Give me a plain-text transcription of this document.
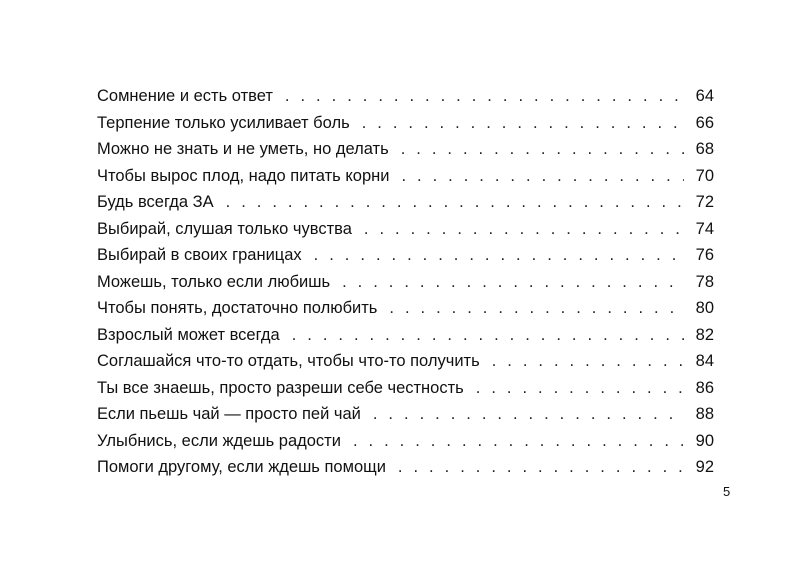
Сомнение и есть ответ . . .	64
Терпение только усиливает боль . . .	66
Можно не знать и не уметь, но делать . . .	68
Чтобы вырос плод, надо питать корни . . .	70
Будь всегда ЗА . . .	72
Выбирай, слушая только чувства . . .	74
Выбирай в своих границах . . .	76
Можешь, только если любишь . . .	78
Чтобы понять, достаточно полюбить . . .	80
Взрослый может всегда . . .	82
Соглашайся что-то отдать, чтобы что-то получить . . .	84
Ты все знаешь, просто разреши себе честность . . .	86
Если пьешь чай — просто пей чай . . .	88
Улыбнись, если ждешь радости . . .	90
Помоги другому, если ждешь помощи . . .	92
5
